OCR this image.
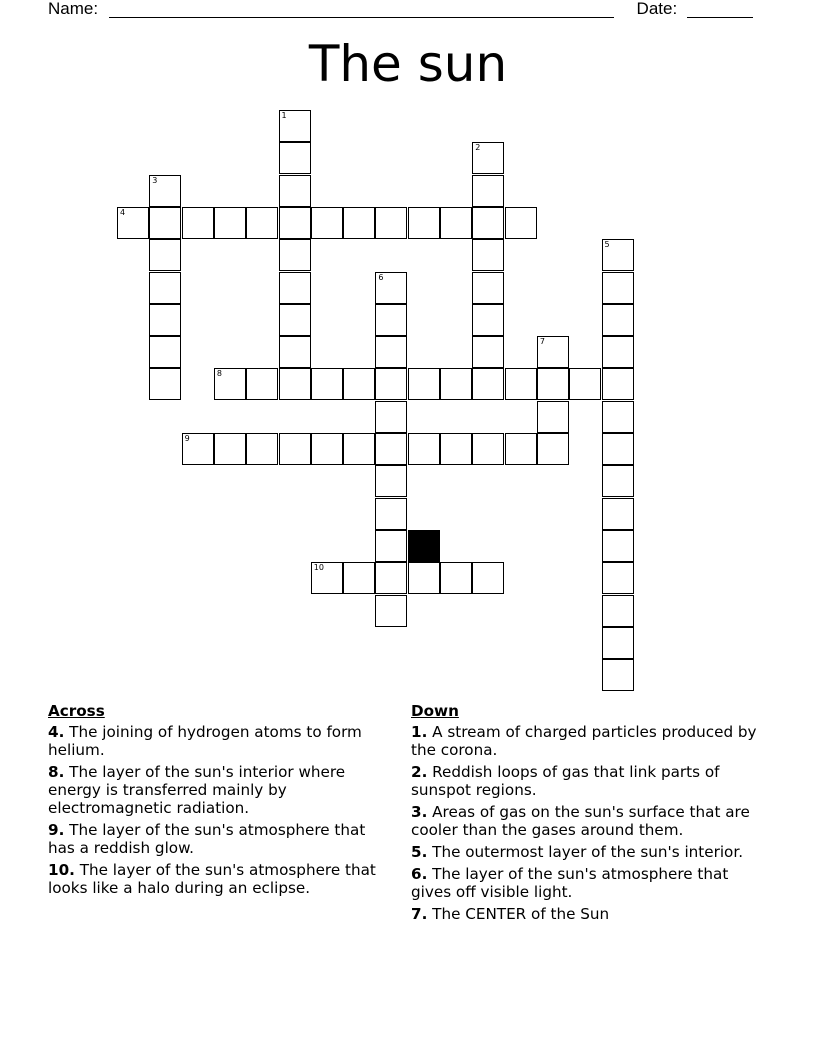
Name:	Date:
The sun
4
8
9
10
1
2
3
5
6
7
Across
4. The joining of hydrogen atoms to form helium.
8. The layer of the sun's interior where energy is transferred mainly by electromagnetic radiation.
9. The layer of the sun's atmosphere that has a reddish glow.
10. The layer of the sun's atmosphere that looks like a halo during an eclipse.
Down
1. A stream of charged particles produced by the corona.
2. Reddish loops of gas that link parts of sunspot regions.
3. Areas of gas on the sun's surface that are cooler than the gases around them.
5. The outermost layer of the sun's interior.
6. The layer of the sun's atmosphere that gives off visible light.
7. The CENTER of the Sun
